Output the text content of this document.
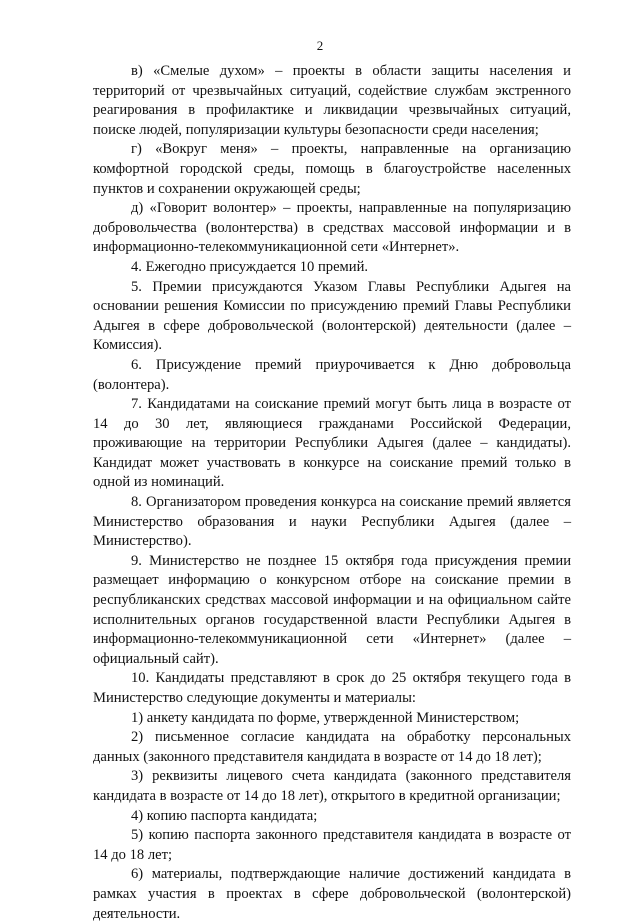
2

в) «Смелые духом» – проекты в области защиты населения и территорий от чрезвычайных ситуаций, содействие службам экстренного реагирования в профилактике и ликвидации чрезвычайных ситуаций, поиске людей, популяризации культуры безопасности среди населения;

г) «Вокруг меня» – проекты, направленные на организацию комфортной городской среды, помощь в благоустройстве населенных пунктов и сохранении окружающей среды;

д) «Говорит волонтер» – проекты, направленные на популяризацию добровольчества (волонтерства) в средствах массовой информации и в информационно-телекоммуникационной сети «Интернет».

4. Ежегодно присуждается 10 премий.

5. Премии присуждаются Указом Главы Республики Адыгея на основании решения Комиссии по присуждению премий Главы Республики Адыгея в сфере добровольческой (волонтерской) деятельности (далее – Комиссия).

6. Присуждение премий приурочивается к Дню добровольца (волонтера).

7. Кандидатами на соискание премий могут быть лица в возрасте от 14 до 30 лет, являющиеся гражданами Российской Федерации, проживающие на территории Республики Адыгея (далее – кандидаты). Кандидат может участвовать в конкурсе на соискание премий только в одной из номинаций.

8. Организатором проведения конкурса на соискание премий является Министерство образования и науки Республики Адыгея (далее – Министерство).

9. Министерство не позднее 15 октября года присуждения премии размещает информацию о конкурсном отборе на соискание премии в республиканских средствах массовой информации и на официальном сайте исполнительных органов государственной власти Республики Адыгея в информационно-телекоммуникационной сети «Интернет» (далее – официальный сайт).

10. Кандидаты представляют в срок до 25 октября текущего года в Министерство следующие документы и материалы:

1) анкету кандидата по форме, утвержденной Министерством;

2) письменное согласие кандидата на обработку персональных данных (законного представителя кандидата в возрасте от 14 до 18 лет);

3) реквизиты лицевого счета кандидата (законного представителя кандидата в возрасте от 14 до 18 лет), открытого в кредитной организации;

4) копию паспорта кандидата;

5) копию паспорта законного представителя кандидата в возрасте от 14 до 18 лет;

6) материалы, подтверждающие наличие достижений кандидата в рамках участия в проектах в сфере добровольческой (волонтерской) деятельности.
